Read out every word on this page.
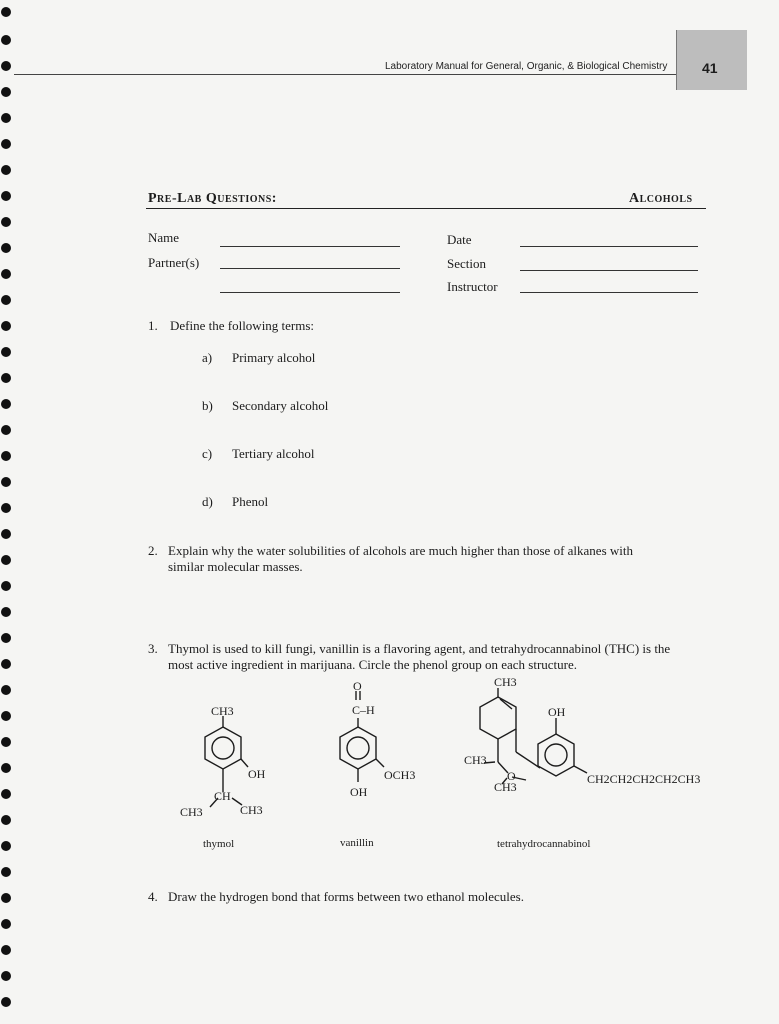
Laboratory Manual for General, Organic, & Biological Chemistry 41
Pre-Lab Questions:	Alcohols
Name
Partner(s)
Date
Section
Instructor
1. Define the following terms:
a) Primary alcohol
b) Secondary alcohol
c) Tertiary alcohol
d) Phenol
2. Explain why the water solubilities of alcohols are much higher than those of alkanes with
similar molecular masses.
3. Thymol is used to kill fungi, vanillin is a flavoring agent, and tetrahydrocannabinol (THC) is the
most active ingredient in marijuana. Circle the phenol group on each structure.
CH3
OH
CH
CH3	CH3
O
C–H
OCH3
OH
CH3
OH
CH3
O
CH3
CH2CH2CH2CH2CH3
thymol	vanillin	tetrahydrocannabinol
4. Draw the hydrogen bond that forms between two ethanol molecules.
